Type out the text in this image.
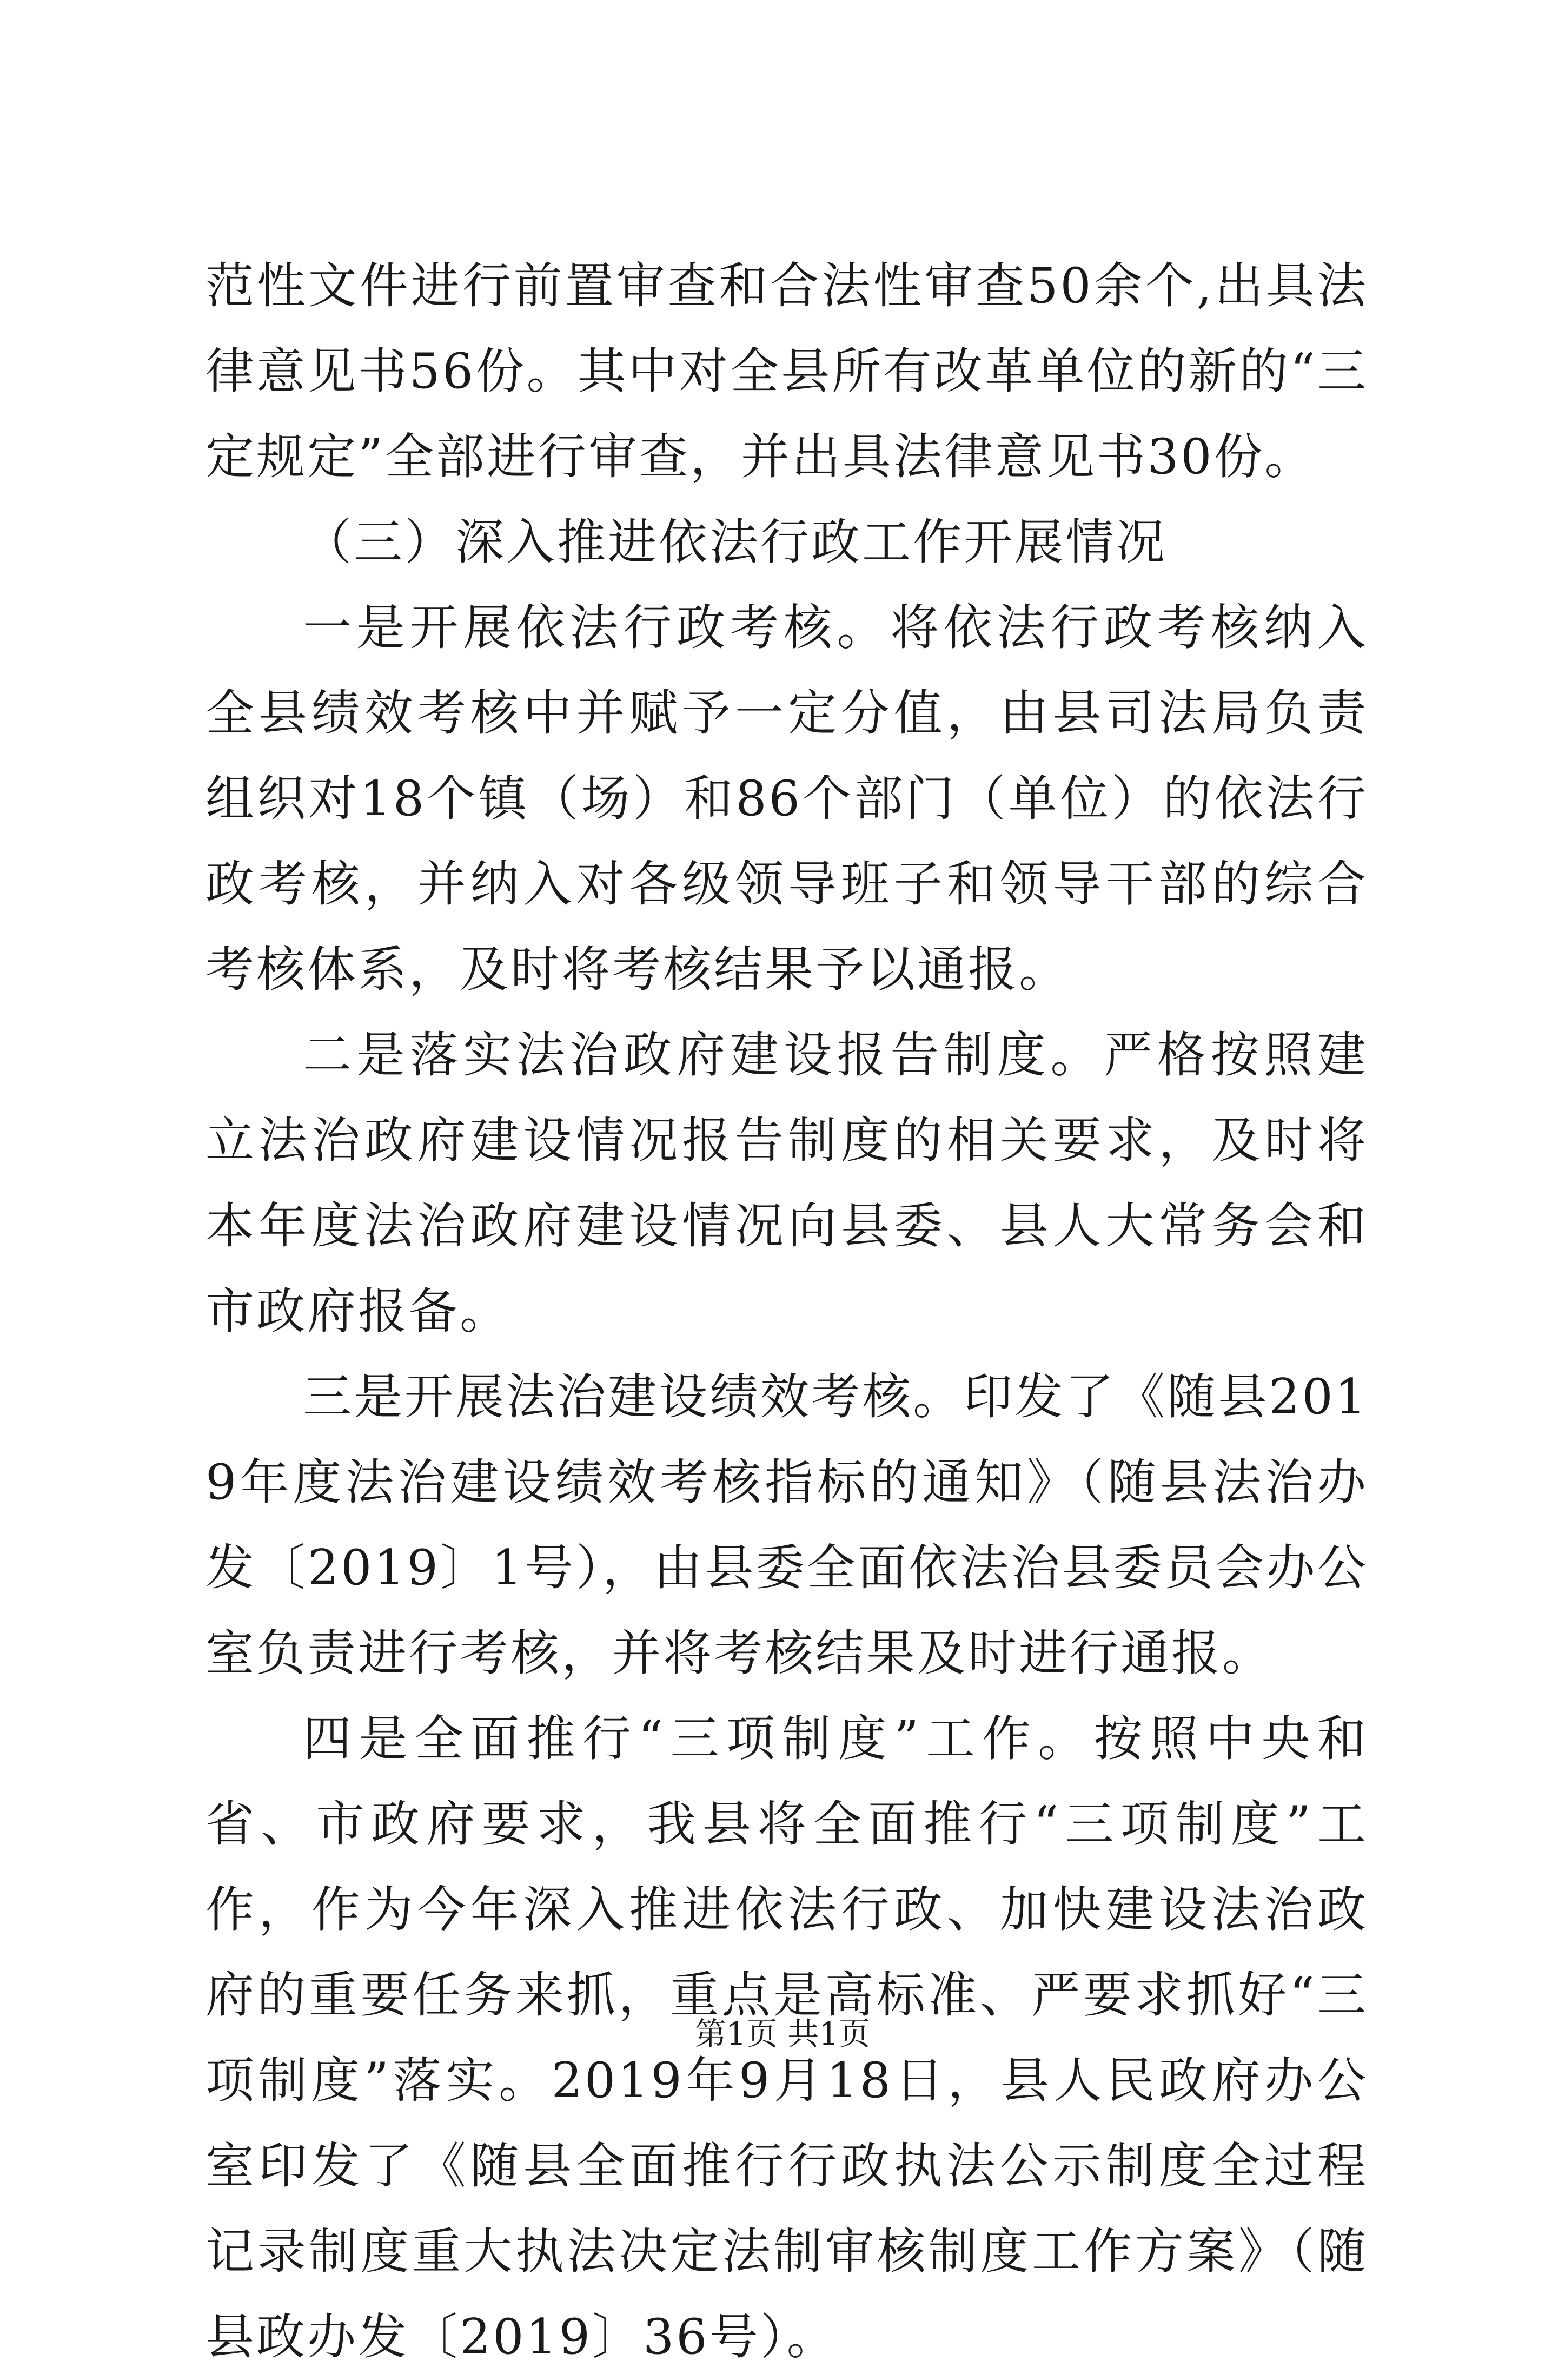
范性文件进行前置审查和合法性审查50余个,出具法律意见书56份。其中对全县所有改革单位的新的“三定规定”全部进行审查，并出具法律意见书30份。

（三）深入推进依法行政工作开展情况

一是开展依法行政考核。将依法行政考核纳入全县绩效考核中并赋予一定分值，由县司法局负责组织对18个镇（场）和86个部门（单位）的依法行政考核，并纳入对各级领导班子和领导干部的综合考核体系，及时将考核结果予以通报。

二是落实法治政府建设报告制度。严格按照建立法治政府建设情况报告制度的相关要求，及时将本年度法治政府建设情况向县委、县人大常务会和市政府报备。

三是开展法治建设绩效考核。印发了《随县2019年度法治建设绩效考核指标的通知》（随县法治办发〔2019〕1号），由县委全面依法治县委员会办公室负责进行考核，并将考核结果及时进行通报。

四是全面推行“三项制度”工作。按照中央和省、市政府要求，我县将全面推行“三项制度”工作，作为今年深入推进依法行政、加快建设法治政府的重要任务来抓，重点是高标准、严要求抓好“三项制度”落实。2019年9月18日，县人民政府办公室印发了《随县全面推行行政执法公示制度全过程记录制度重大执法决定法制审核制度工作方案》（随县政办发〔2019〕36号）。

第1页 共1页
